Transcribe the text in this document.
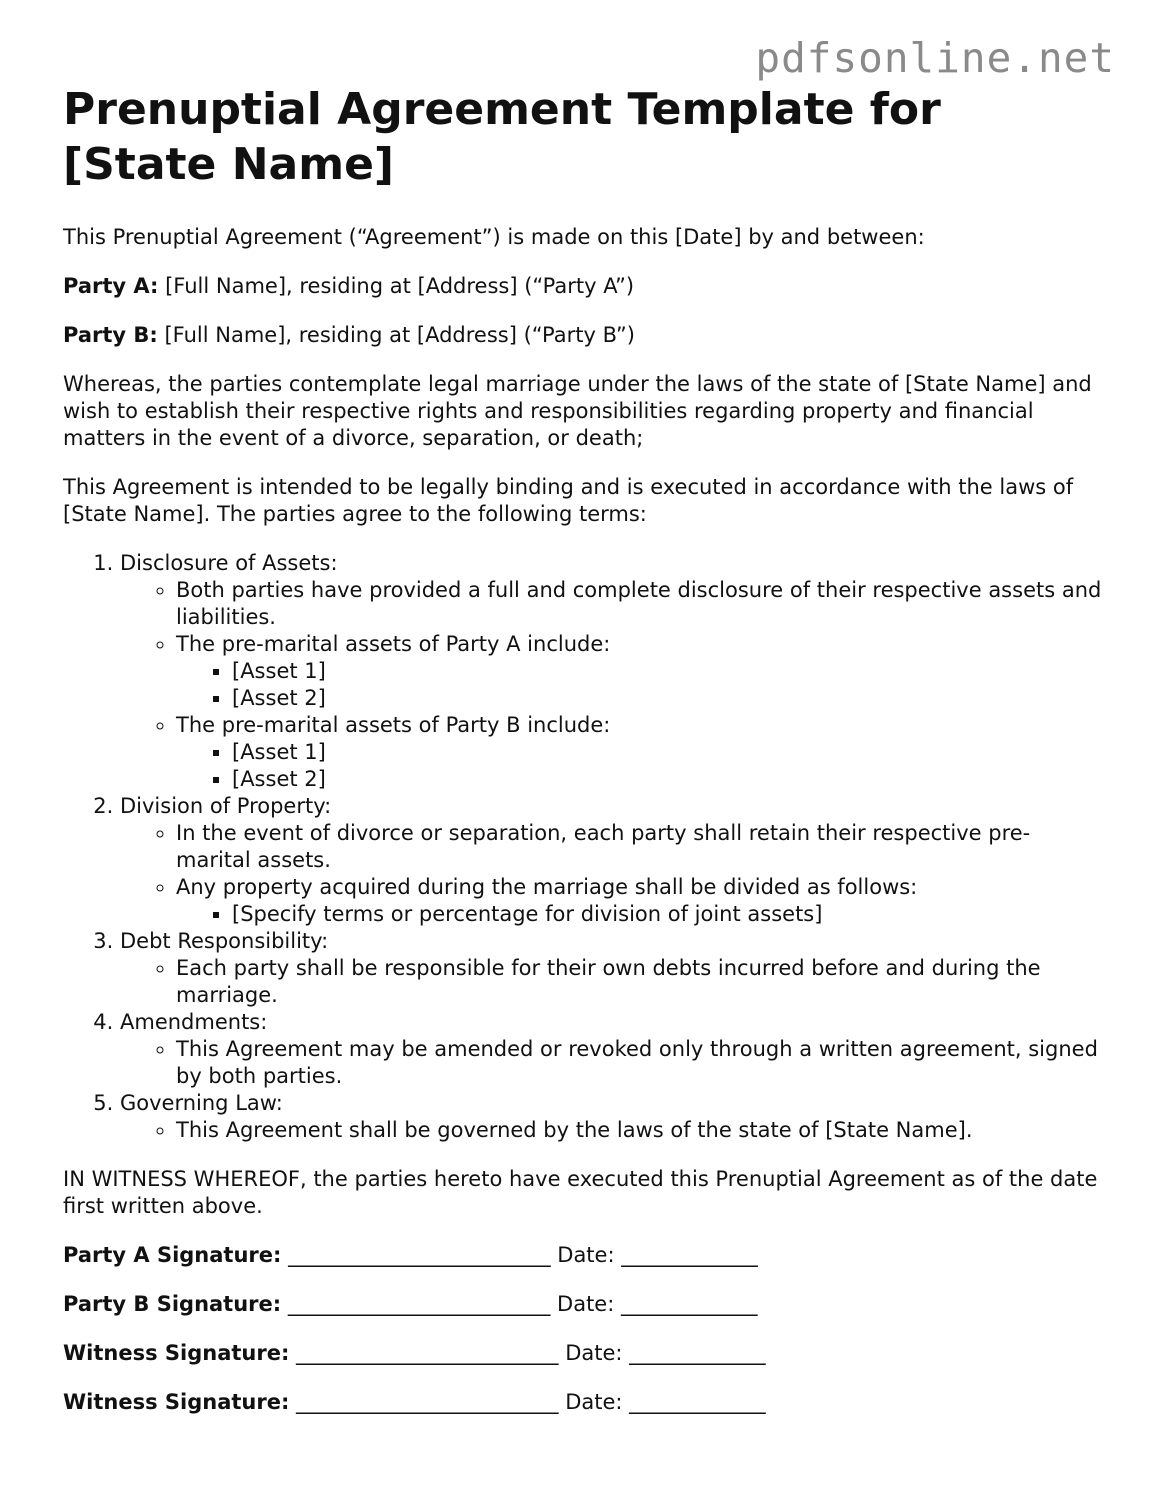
pdfsonline.net
Prenuptial Agreement Template for [State Name]

This Prenuptial Agreement (“Agreement”) is made on this [Date] by and between:

Party A: [Full Name], residing at [Address] (“Party A”)

Party B: [Full Name], residing at [Address] (“Party B”)

Whereas, the parties contemplate legal marriage under the laws of the state of [State Name] and wish to establish their respective rights and responsibilities regarding property and financial matters in the event of a divorce, separation, or death;

This Agreement is intended to be legally binding and is executed in accordance with the laws of [State Name]. The parties agree to the following terms:

1. Disclosure of Assets:
◦ Both parties have provided a full and complete disclosure of their respective assets and liabilities.
◦ The pre-marital assets of Party A include:
▪ [Asset 1]
▪ [Asset 2]
◦ The pre-marital assets of Party B include:
▪ [Asset 1]
▪ [Asset 2]
2. Division of Property:
◦ In the event of divorce or separation, each party shall retain their respective pre-marital assets.
◦ Any property acquired during the marriage shall be divided as follows:
▪ [Specify terms or percentage for division of joint assets]
3. Debt Responsibility:
◦ Each party shall be responsible for their own debts incurred before and during the marriage.
4. Amendments:
◦ This Agreement may be amended or revoked only through a written agreement, signed by both parties.
5. Governing Law:
◦ This Agreement shall be governed by the laws of the state of [State Name].

IN WITNESS WHEREOF, the parties hereto have executed this Prenuptial Agreement as of the date first written above.

Party A Signature: _________________________ Date: _____________

Party B Signature: _________________________ Date: _____________

Witness Signature: _________________________ Date: _____________

Witness Signature: _________________________ Date: _____________
